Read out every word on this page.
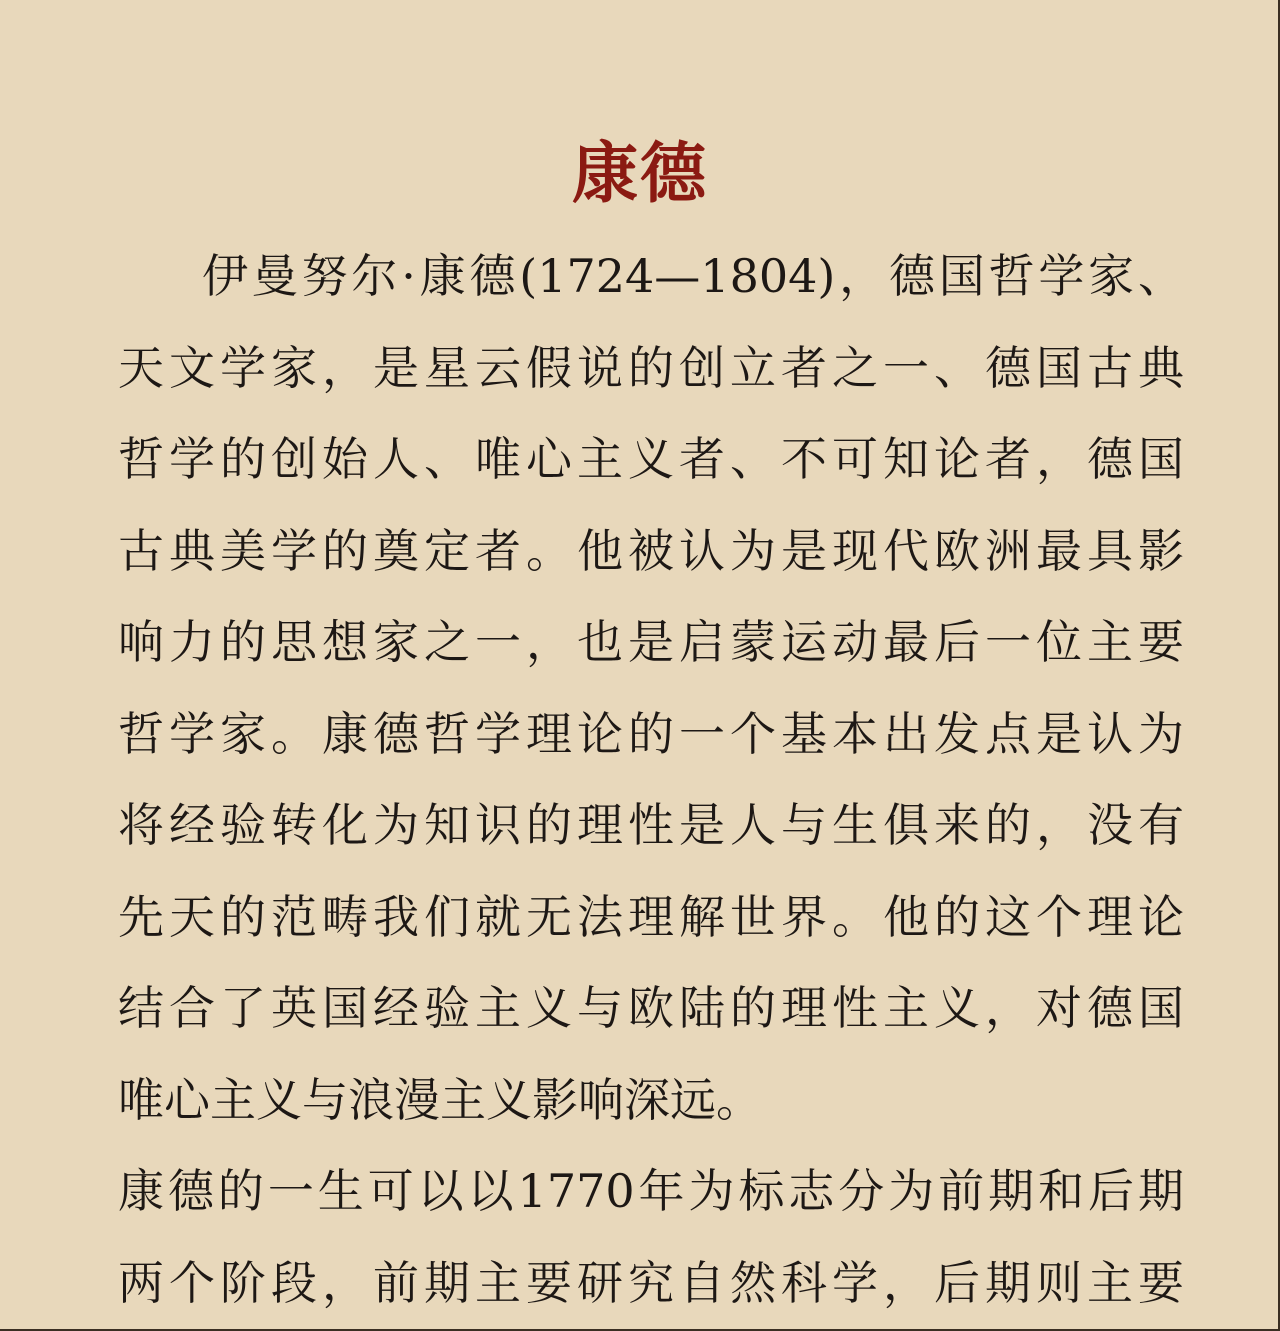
康德
伊曼努尔·康德(1724—1804)，德国哲学家、
天文学家，是星云假说的创立者之一、德国古典
哲学的创始人、唯心主义者、不可知论者，德国
古典美学的奠定者。他被认为是现代欧洲最具影
响力的思想家之一，也是启蒙运动最后一位主要
哲学家。康德哲学理论的一个基本出发点是认为
将经验转化为知识的理性是人与生俱来的，没有
先天的范畴我们就无法理解世界。他的这个理论
结合了英国经验主义与欧陆的理性主义，对德国
唯心主义与浪漫主义影响深远。
康德的一生可以以1770年为标志分为前期和后期
两个阶段，前期主要研究自然科学，后期则主要
